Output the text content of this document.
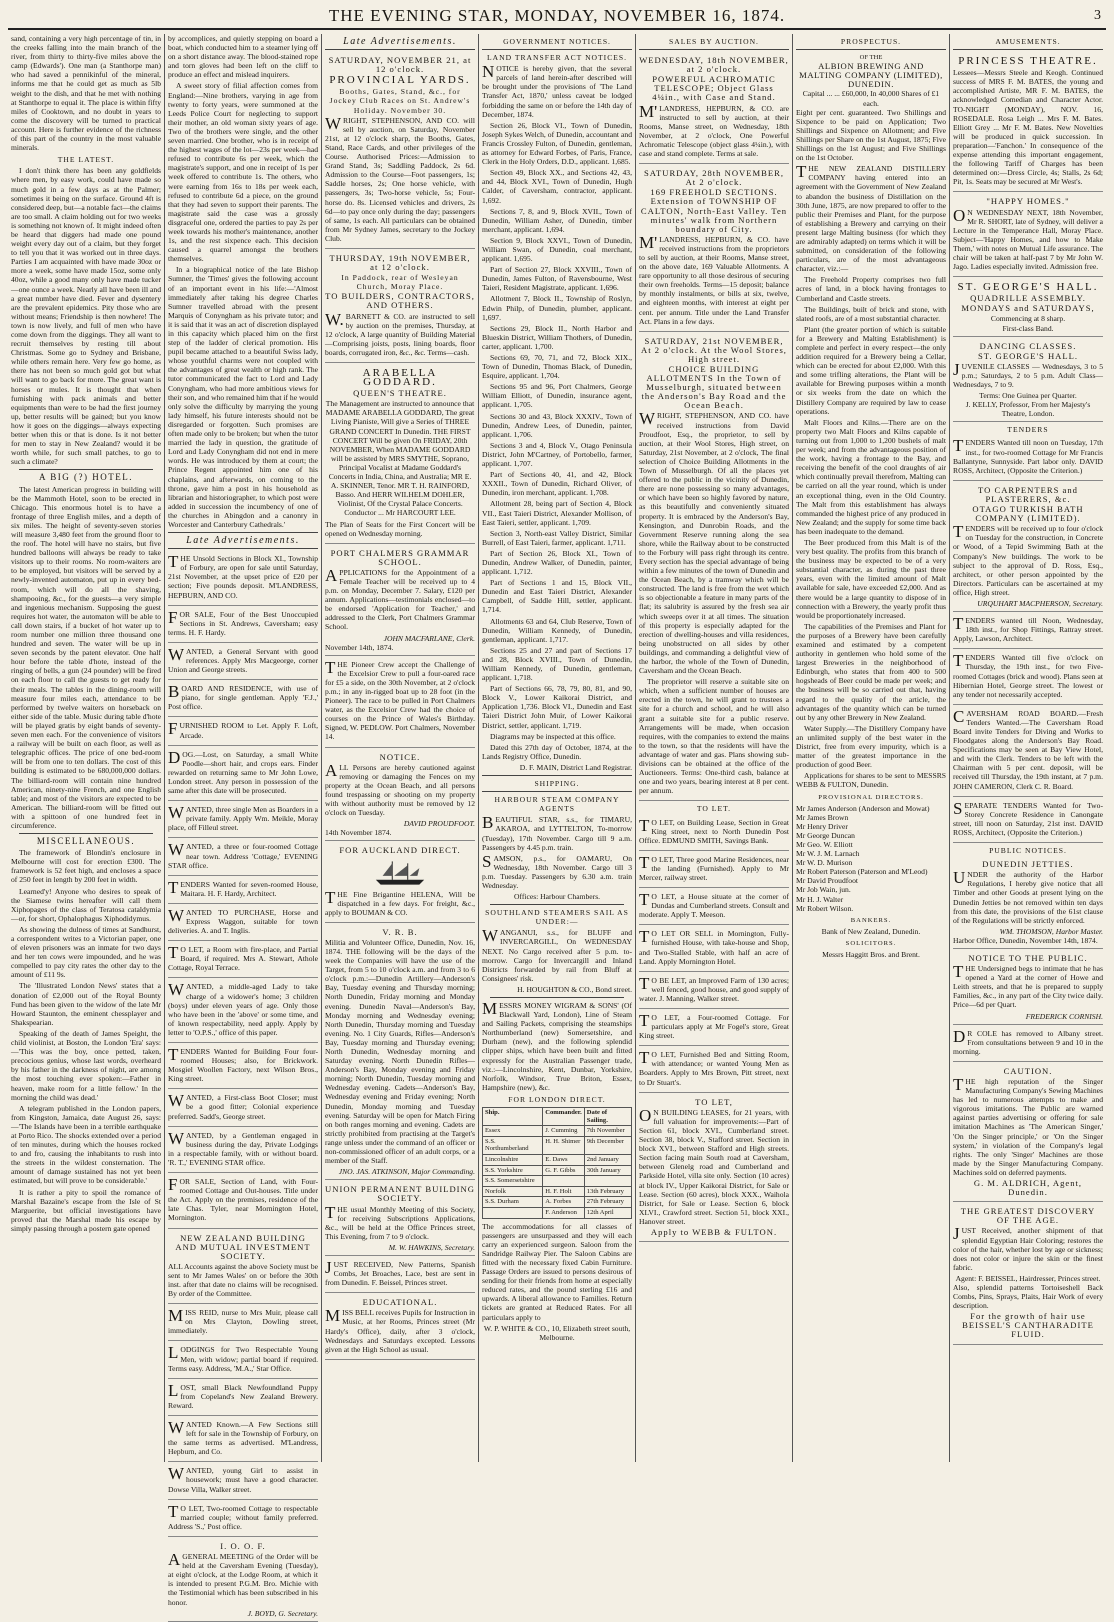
THE EVENING STAR, MONDAY, NOVEMBER 16, 1874.	3

sand, containing a very high percentage of tin, in the creeks falling into the main branch of the river, from thirty to thirty-five miles above the camp (Edwards'). One man (a Stanthorpe man) who had saved a pennikinful of the mineral, informs me that he could get as much as 5lb weight to the dish, and that he met with nothing at Stanthorpe to equal it. The place is within fifty miles of Cooktown, and no doubt in years to come the discovery will be turned to practical account. Here is further evidence of the richness of this part of the country in the most valuable minerals.

THE LATEST.

I don't think there has been any goldfields where men, by easy work, could have made so much gold in a few days as at the Palmer; sometimes it being on the surface. Ground 4ft is considered deep, but—a notable fact—the claims are too small. A claim holding out for two weeks is something not known of. It might indeed often be heard that diggers had made one pound weight every day out of a claim, but they forget to tell you that it was worked out in three days. Parties I am acquainted with have made 30oz or more a week, some have made 15oz, some only 40oz, while a good many only have made tucker—one ounce a week. Nearly all have been ill and a great number have died. Fever and dysentery are the prevalent epidemics. Pity those who are without means; Friendship is then nowhere! The town is now lively, and full of men who have come down from the diggings. They all want to recruit themselves by resting till about Christmas. Some go to Sydney and Brisbane, while others remain here. Very few go home, as there has not been so much gold got but what will want to go back for more. The great want is horses or mules. It is thought that when furnishing with pack animals and better equipments than were to be had the first journey up, better results will be gained; but you know how it goes on the diggings—always expecting better when this or that is done. Is it not better for men to stay in New Zealand? would it be worth while, for such small patches, to go to such a climate?

A BIG (?) HOTEL.

The latest American progress in building will be the Mammoth Hotel, soon to be erected in Chicago. This enormous hotel is to have a frontage of three English miles, and a depth of six miles. The height of seventy-seven stories will measure 3,480 feet from the ground floor to the roof. The hotel will have no stairs, but five hundred balloons will always be ready to take visitors up to their rooms. No room-waiters are to be employed, but visitors will be served by a newly-invented automaton, put up in every bed-room, which will do all the shaving, shampooing, &c., for the guests—a very simple and ingenious mechanism. Supposing the guest requires hot water, the automaton will be able to call down stairs, if a bucket of hot water up to room number one million three thousand one hundred and seven. The water will be up in seven seconds by the patent elevator. One half hour before the table d'hote, instead of the ringing of bells, a gun (24 pounder) will be fired on each floor to call the guests to get ready for their meals. The tables in the dining-room will measure four miles each, attendance to be performed by twelve waiters on horseback on either side of the table. Music during table d'hote will be played gratis by eight bands of seventy-seven men each. For the convenience of visitors a railway will be built on each floor, as well as telegraphic offices. The price of one bed-room will be from one to ten dollars. The cost of this building is estimated to be 680,000,000 dollars. The billiard-room will contain nine hundred American, ninety-nine French, and one English table; and most of the visitors are expected to be American. The billiard-room will be fitted out with a spittoon of one hundred feet in circumference.

MISCELLANEOUS.

The framework of Blondin's enclosure in Melbourne will cost for erection £300. The framework is 52 feet high, and encloses a space of 250 feet in length by 200 feet in width.

Learned'y! Anyone who desires to speak of the Siamese twins hereafter will call them Xiphopages of the class of Teratosa cataldymia—or, for short, Ophalophagus Xiphodidymus.

As showing the dulness of times at Sandhurst, a correspondent writes to a Victorian paper, one of eleven prisoners was an inmate for two days and her ten cows were impounded, and he was compelled to pay city rates the other day to the amount of £11 9s.

The 'Illustrated London News' states that a donation of £2,000 out of the Royal Bounty Fund has been given to the widow of the late Mr Howard Staunton, the eminent chessplayer and Shakspearian.

Speaking of the death of James Speight, the child violinist, at Boston, the London 'Era' says:—'This was the boy, once petted, taken, precocious genius, whose last words, overheard by his father in the darkness of night, are among the most touching ever spoken:—Father in heaven, make room for a little fellow.' In the morning the child was dead.'

A telegram published in the London papers, from Kingston, Jamaica, date August 26, says:—'The Islands have been in a terrible earthquake at Porto Rico. The shocks extended over a period of ten minutes, during which the houses rocked to and fro, causing the inhabitants to rush into the streets in the wildest consternation. The amount of damage sustained has not yet been estimated, but will prove to be considerable.'

It is rather a pity to spoil the romance of Marshal Bazaine's escape from the Isle of St Marguerite, but official investigations have proved that the Marshal made his escape by simply passing through a postern gate opened

by accomplices, and quietly stepping on board a boat, which conducted him to a steamer lying off on a short distance away. The blood-stained rope and torn gloves had been left on the cliff to produce an effect and mislead inquirers.

A sweet story of filial affection comes from England:—Nine brothers, varying in age from twenty to forty years, were summoned at the Leeds Police Court for neglecting to support their mother, an old woman sixty years of age. Two of the brothers were single, and the other seven married. One brother, who is in receipt of the highest wages of the lot—23s per week—had refused to contribute 6s per week, which the magistrate's support, and one in receipt of 1s per week offered to contribute 1s. The others, who were earning from 16s to 18s per week each, refused to contribute 6d a piece, on the ground that they had seven to support their parents. The magistrate said the case was a grossly disgraceful one, ordered the parties to pay 2s per week towards his mother's maintenance, another 1s, and the rest sixpence each. This decision caused a quarrel amongst the brothers themselves.

In a biographical notice of the late Bishop Sumner, the 'Times' gives the following account of an important event in his life:—'Almost immediately after taking his degree Charles Sumner travelled abroad with the present Marquis of Conyngham as his private tutor; and it is said that it was an act of discretion displayed in this capacity which placed him on the first step of the ladder of clerical promotion. His pupil became attached to a beautiful Swiss lady, whose youthful charms were not coupled with the advantages of great wealth or high rank. The tutor communicated the fact to Lord and Lady Conyngham, who had more ambitious views for their son, and who remained him that if he would only solve the difficulty by marrying the young lady himself, his future interests should not be disregarded or forgotten. Such promises are often made only to be broken; but when the tutor married the lady in question, the gratitude of Lord and Lady Conyngham did not end in mere words. He was introduced by them at court; the Prince Regent appointed him one of his chaplains, and afterwards, on coming to the throne, gave him a post in his household as librarian and historiographer, to which post were added in succession the incumbency of one of the churches in Abingdon and a canonry in Worcester and Canterbury Cathedrals.'

Late Advertisements.

THE Unsold Sections in Block XI., Township of Forbury, are open for sale until Saturday, 21st November, at the upset price of £20 per section; Five pounds deposit. M'LANDRESS, HEPBURN, AND CO.

FOR SALE, Four of the Best Unoccupied Sections in St. Andrews, Caversham; easy terms. H. F. Hardy.

WANTED, a General Servant with good references. Apply Mrs Macgeorge, corner Union and George streets.

BOARD AND RESIDENCE, with use of piano, for single gentleman. Apply 'F.J.,' Post office.

FURNISHED ROOM to Let. Apply F. Loft, Arcade.

DOG.—Lost, on Saturday, a small White Poodle—short hair, and crops ears. Finder rewarded on returning same to Mr John Lowe, London street. Any person in possession of the same after this date will be prosecuted.

WANTED, three single Men as Boarders in a private family. Apply Wm. Meikle, Moray place, off Filleul street.

WANTED, a three or four-roomed Cottage near town. Address 'Cottage,' EVENING STAR office.

TENDERS Wanted for seven-roomed House, Maitara. H. F. Hardy, Architect.

WANTED TO PURCHASE, Horse and Express Waggon, suitable for town deliveries. A. and T. Inglis.

TO LET, a Room with fire-place, and Partial Board, if required. Mrs A. Stewart, Athole Cottage, Royal Terrace.

WANTED, a middle-aged Lady to take charge of a widower's home; 3 children (boys) under eleven years of age. Only those who have been in the 'above' or some time, and of known respectability, need apply. Apply by letter to 'O.P.S.,' office of this paper.

TENDERS Wanted for Building Four four-roomed Houses; also, for Brickwork. Mosgiel Woollen Factory, next Wilson Bros., King street.

WANTED, a First-class Boot Closer; must be a good fitter; Colonial experience preferred. Sadd's, George street.

WANTED, by a Gentleman engaged in business during the day, Private Lodgings in a respectable family, with or without board. 'R. T.,' EVENING STAR office.

FOR SALE, Section of Land, with Four-roomed Cottage and Out-houses. Title under the Act. Apply on the premises, residence of the late Chas. Tyler, near Mornington Hotel, Mornington.

NEW ZEALAND BUILDING AND MUTUAL INVESTMENT SOCIETY.

ALL Accounts against the above Society must be sent to Mr James Wales' on or before the 30th inst. after that date no claims will be recognised. By order of the Committee.

MISS REID, nurse to Mrs Muir, please call on Mrs Clayton, Dowling street, immediately.

LODGINGS for Two Respectable Young Men, with widow; partial board if required. Terms easy. Address, 'M.A.,' Star Office.

LOST, small Black Newfoundland Puppy from Copeland's New Zealand Brewery. Reward.

WANTED Known.—A Few Sections still left for sale in the Township of Forbury, on the same terms as advertised. M'Landress, Hepburn, and Co.

WANTED, young Girl to assist in housework; must have a good character. Dowse Villa, Walker street.

TO LET, Two-roomed Cottage to respectable married couple; without family preferred. Address 'S.,' Post office.

I. O. O. F.

AGENERAL MEETING of the Order will be held at the Caversham Evening (Tuesday), at eight o'clock, at the Lodge Room, at which it is intended to present P.G.M. Bro. Michie with the Testimonial which has been subscribed in his honor.

J. BOYD, G. Secretary.
Late Advertisements.
SATURDAY, NOVEMBER 21, at 12 o'clock.
PROVINCIAL YARDS.
Booths, Gates, Stand, &c., for Jockey Club Races on St. Andrew's Holiday. November 30.

WRIGHT, STEPHENSON, AND CO. will sell by auction, on Saturday, November 21st, at 12 o'clock sharp, the Booths, Gates, Stand, Race Cards, and other privileges of the Course. Authorised Prices:—Admission to Grand Stand, 3s; Saddling Paddock, 2s 6d. Admission to the Course—Foot passengers, 1s; Saddle horses, 2s; One horse vehicle, with passengers, 3s; Two-horse vehicle, 5s; Four-horse do. 8s. Licensed vehicles and drivers, 2s 6d—to pay once only during the day; passengers of same, 1s each. All particulars can be obtained from Mr Sydney James, secretary to the Jockey Club.

THURSDAY, 19th NOVEMBER, at 12 o'clock.
In Paddock, rear of Wesleyan Church, Moray Place.
TO BUILDERS, CONTRACTORS, AND OTHERS.

W.BARNETT & CO. are instructed to sell by auction on the premises, Thursday, at 12 o'clock, A large quantity of Building Material—Comprising joists, posts, lining boards, floor boards, corrugated iron, &c., &c. Terms—cash.

ARABELLA GODDARD.
QUEEN'S THEATRE.

The Management are instructed to announce that MADAME ARABELLA GODDARD, The great Living Pianiste, Will give a Series of THREE GRAND CONCERT In Dunedin. THE FIRST CONCERT Will be given On FRIDAY, 20th NOVEMBER, When MADAME GODDARD will be assisted by MRS SMYTHE, Soprano, Principal Vocalist at Madame Goddard's Concerts in India, China, and Australia; MR E. A. SKINNER, Tenor. MR T. H. RAINFORD, Basso. And HERR WILHELM DOHLER, Violinist, Of the Crystal Palace Concerts. Conductor ... Mr HARCOURT LEE.

The Plan of Seats for the First Concert will be opened on Wednesday morning.

PORT CHALMERS GRAMMAR SCHOOL.

APPLICATIONS for the Appointment of a Female Teacher will be received up to 4 p.m. on Monday, December 7. Salary, £120 per annum. Applications—testimonials enclosed—to be endorsed 'Application for Teacher,' and addressed to the Clerk, Port Chalmers Grammar School.

JOHN MACFARLANE, Clerk.
November 14th, 1874.

THE Pioneer Crew accept the Challenge of the Excelsior Crew to pull a four-oared race for £5 a side, on the 30th November, at 2 o'clock p.m.; in any in-rigged boat up to 28 foot (in the Pioneer). The race to be pulled in Port Chalmers water, as the Excelsior Crew had the choice of courses on the Prince of Wales's Birthday. Signed, W. PEDLOW. Port Chalmers, November 14.

NOTICE.

ALL Persons are hereby cautioned against removing or damaging the Fences on my property at the Ocean Beach, and all persons found trespassing or shooting on my property with without authority must be removed by 12 o'clock on Tuesday.

DAVID PROUDFOOT.
14th November 1874.
FOR AUCKLAND DIRECT.

THE Fine Brigantine HELENA, Will be dispatched in a few days. For freight, &c., apply to BOUMAN & CO.

V. R. B.

Militia and Volunteer Office, Dunedin, Nov. 16, 1874. THE following will be the days of the week the Companies will have the use of the Target, from 5 to 10 o'clock a.m. and from 3 to 6 o'clock p.m.:—Dunedin Artillery—Anderson's Bay, Tuesday evening and Thursday morning; North Dunedin, Friday morning and Monday evening. Dunedin Naval—Anderson's Bay, Monday morning and Wednesday evening; North Dunedin, Thursday morning and Tuesday evening. No. 1 City Guards, Rifles—Anderson's Bay, Tuesday morning and Thursday evening; North Dunedin, Wednesday morning and Saturday evening. North Dunedin Rifles—Anderson's Bay, Monday evening and Friday morning; North Dunedin, Tuesday morning and Wednesday evening. Cadets—Anderson's Bay, Wednesday evening and Friday evening; North Dunedin, Monday morning and Tuesday evening. Saturday will be open for Match Firing on both ranges morning and evening. Cadets are strictly prohibited from practising at the Target's range unless under the command of an officer or non-commissioned officer of an adult corps, or a member of the Staff.

JNO. JAS. ATKINSON, Major Commanding.
UNION PERMANENT BUILDING SOCIETY.

THE usual Monthly Meeting of this Society, for receiving Subscriptions Applications, &c., will be held at the Office Princes street, This Evening, from 7 to 9 o'clock.

M. W. HAWKINS, Secretary.

JUST RECEIVED, New Patterns, Spanish Combs, Jet Broaches, Lace, best are sent in from Dunedin. F. Beissel, Princes street.

EDUCATIONAL.

MISS BELL receives Pupils for Instruction in Music, at her Rooms, Princes street (Mr Hardy's Office), daily, after 3 o'clock, Wednesdays and Saturdays excepted. Lessons given at the High School as usual.

GOVERNMENT NOTICES.
LAND TRANSFER ACT NOTICES.

NOTICE is hereby given, that the several parcels of land herein-after described will be brought under the provisions of 'The Land Transfer Act, 1870,' unless caveat be lodged forbidding the same on or before the 14th day of December, 1874.

Section 26, Block VI., Town of Dunedin, Joseph Sykes Welch, of Dunedin, accountant and Francis Crossley Fulton, of Dunedin, gentleman, as attorney for Edward Forbes, of Paris, France, Clerk in the Holy Orders, D.D., applicant. 1,685.

Section 49, Block XX., and Sections 42, 43, and 44, Block XVI., Town of Dunedin, Hugh Calder, of Caversham, contractor, applicant. 1,692.

Sections 7, 8, and 9, Block XVII., Town of Dunedin, William Asher, of Dunedin, timber merchant, applicant. 1,694.

Section 9, Block XXVI., Town of Dunedin, William Swan, of Dunedin, coal merchant, applicant. 1,695.

Part of Section 27, Block XXVIII., Town of Dunedin, James Fulton, of Ravensbourne, West Taieri, Resident Magistrate, applicant. 1,696.

Allotment 7, Block II., Township of Roslyn, Edwin Philp, of Dunedin, plumber, applicant. 1,697.

Sections 29, Block II., North Harbor and Blueskin District, William Thothers, of Dunedin, carter, applicant. 1,700.

Sections 69, 70, 71, and 72, Block XIX., Town of Dunedin, Thomas Black, of Dunedin, Esquire, applicant. 1,704.

Sections 95 and 96, Port Chalmers, George William Elliott, of Dunedin, insurance agent, applicant. 1,705.

Sections 30 and 43, Block XXXIV., Town of Dunedin, Andrew Lees, of Dunedin, painter, applicant. 1,706.

Sections 3 and 4, Block V., Otago Peninsula District, John M'Cartney, of Portobello, farmer, applicant. 1,707.

Part of Sections 40, 41, and 42, Block XXXII., Town of Dunedin, Richard Oliver, of Dunedin, iron merchant, applicant. 1,708.

Allotment 28, being part of Section 4, Block VII., East Taieri District, Alexander Mollison, of East Taieri, settler, applicant. 1,709.

Section 3, North-east Valley District, Similar Burrell, of East Taieri, farmer, applicant. 1,711.

Part of Section 26, Block XI., Town of Dunedin, Andrew Walker, of Dunedin, painter, applicant. 1,712.

Part of Sections 1 and 15, Block VII., Dunedin and East Taieri District, Alexander Campbell, of Saddle Hill, settler, applicant. 1,714.

Allotments 63 and 64, Club Reserve, Town of Dunedin, William Kennedy, of Dunedin, gentleman, applicant. 1,717.

Sections 25 and 27 and part of Sections 17 and 28, Block XVIII., Town of Dunedin, William Kennedy, of Dunedin, gentleman, applicant. 1,718.

Part of Sections 66, 78, 79, 80, 81, and 90, Block V., Lower Kaikorai District, and Application 1,736. Block VI., Dunedin and East Taieri District John Muir, of Lower Kaikorai District, settler, applicant. 1,719.

Diagrams may be inspected at this office.

Dated this 27th day of October, 1874, at the Lands Registry Office, Dunedin.

D. F. MAIN, District Land Registrar.
SHIPPING.
HARBOUR STEAM COMPANY AGENTS

BEAUTIFUL STAR, s.s., for TIMARU, AKAROA, and LYTTELTON, To-morrow (Tuesday), 17th November. Cargo till 9 a.m. Passengers by 4.45 p.m. train.

SAMSON, p.s., for OAMARU, On Wednesday, 18th November. Cargo till 3 p.m. Tuesday. Passengers by 6.30 a.m. train Wednesday.

Offices: Harbour Chambers.
SOUTHLAND STEAMERS SAIL AS UNDER:—

WANGANUI, s.s., for BLUFF and INVERCARGILL, On WEDNESDAY NEXT. No Cargo received after 5 p.m. to-morrow. Cargo for Invercargill and Inland Districts forwarded by rail from Bluff at Consignees' risk.

H. HOUGHTON & CO., Bond street.

MESSRS MONEY WIGRAM & SONS' (Of Blackwall Yard, London), Line of Steam and Sailing Packets, comprising the steamships Northumberland (new) Somersetshire, and Durham (new), and the following splendid clipper ships, which have been built and fitted expressly for the Australian Passenger trade, viz.:—Lincolnshire, Kent, Dunbar, Yorkshire, Norfolk, Windsor, True Briton, Essex, Hampshire (new), &c.

FOR LONDON DIRECT.
Ship.	Commander.	Date of Sailing.
Essex	J. Cumming	7th November
S.S. Northumberland	H. H. Shimer	9th December
Lincolnshire	E. Daws	2nd January
S.S. Yorkshire	G. F. Gibbs	30th January
S.S. Somersetshire		
Norfolk	H. F. Holt	13th February
S.S. Durham	A. Forbes	27th February
	F. Anderson	12th April

The accommodations for all classes of passengers are unsurpassed and they will each carry an experienced surgeon. Saloon from the Sandridge Railway Pier. The Saloon Cabins are fitted with the necessary fixed Cabin Furniture. Passage Orders are issued to persons desirous of sending for their friends from home at especially reduced rates, and the pound sterling £16 and upwards. A liberal allowance to Families. Return tickets are granted at Reduced Rates. For all particulars apply to

W. P. WHITE & CO., 10, Elizabeth street south, Melbourne.
SALES BY AUCTION.
WEDNESDAY, 18th NOVEMBER, at 2 o'clock.
POWERFUL ACHROMATIC TELESCOPE; Object Glass 4¼in., with Case and Stand.

M'LANDRESS, HEPBURN, & CO. are instructed to sell by auction, at their Rooms, Manse street, on Wednesday, 18th November, at 2 o'clock, One Powerful Achromatic Telescope (object glass 4¼in.), with case and stand complete. Terms at sale.

SATURDAY, 28th NOVEMBER, At 2 o'clock.
169 FREEHOLD SECTIONS. Extension of TOWNSHIP OF CALTON, North-East Valley. Ten minutes' walk from Northern boundary of City.

M'LANDRESS, HEPBURN, & CO. have received instructions from the proprietors to sell by auction, at their Rooms, Manse street, on the above date, 169 Valuable Allotments. A rare opportunity to all those desirous of securing their own freeholds. Terms—15 deposit; balance by monthly instalments, or bills at six, twelve, and eighteen months, with interest at eight per cent. per annum. Title under the Land Transfer Act. Plans in a few days.

SATURDAY, 21st NOVEMBER, At 2 o'clock. At the Wool Stores, High street.
CHOICE BUILDING ALLOTMENTS In the Town of Musselburgh, situated between the Anderson's Bay Road and the Ocean Beach.

WRIGHT, STEPHENSON, AND CO. have received instructions from David Proudfoot, Esq., the proprietor, to sell by auction, at their Wool Stores, High street, on Saturday, 21st November, at 2 o'clock, The final selection of Choice Building Allotments in the Town of Musselburgh. Of all the places yet offered to the public in the vicinity of Dunedin, there are none possessing so many advantages, or which have been so highly favored by nature, as this beautifully and conveniently situated property. It is embraced by the Anderson's Bay, Kensington, and Dunrobin Roads, and the Government Reserve running along the sea shore, while the Railway about to be constructed to the Forbury will pass right through its centre. Every section has the special advantage of being within a few minutes of the town of Dunedin and the Ocean Beach, by a tramway which will be constructed. The land is free from the wet which is so objectionable a feature in many parts of the flat; its salubrity is assured by the fresh sea air which sweeps over it at all times. The situation of this property is especially adapted for the erection of dwelling-houses and villa residences, being unobstructed on all sides by other buildings, and commanding a delightful view of the harbor, the whole of the Town of Dunedin, Caversham and the Ocean Beach.

The proprietor will reserve a suitable site on which, when a sufficient number of houses are erected in the town, he will grant to trustees a site for a church and school, and he will also grant a suitable site for a public reserve. Arrangements will be made, when occasion requires, with the companies to extend the mains to the town, so that the residents will have the advantage of water and gas. Plans showing sub-divisions can be obtained at the office of the Auctioneers. Terms: One-third cash, balance at one and two years, bearing interest at 8 per cent. per annum.

TO LET.

TO LET, on Building Lease, Section in Great King street, next to North Dunedin Post Office. EDMUND SMITH, Savings Bank.

TO LET, Three good Marine Residences, near the landing (Furnished). Apply to Mr Mercer, railway street.

TO LET, a House situate at the corner of Dundas and Cumberland streets. Consult and moderate. Apply T. Meeson.

TO LET OR SELL in Mornington, Fully-furnished House, with take-house and Shop, and Two-Stalled Stable, with half an acre of Land. Apply Mornington Hotel.

TO BE LET, an Improved Farm of 130 acres; well fenced, good house, and good supply of water. J. Manning, Walker street.

TO LET, a Four-roomed Cottage. For particulars apply at Mr Fogel's store, Great King street.

TO LET, Furnished Bed and Sitting Room, with attendance; or wanted Young Men as Boarders. Apply to Mrs Brown, Pitt street, next to Dr Stuart's.

TO LET,

ON BUILDING LEASES, for 21 years, with full valuation for improvements:—Part of Section 61, block XVI., Cumberland street. Section 38, block V., Stafford street. Section in block XVI., between Stafford and High streets. Section facing main South road at Caversham, between Glenelg road and Cumberland and Parkside Hotel, villa site only. Section (10 acres) at block IV., Upper Kaikorai District, for Sale or Lease. Section (60 acres), block XXX., Waihola District, for Sale or Lease. Section 6, block XLVI., Crawford street. Section 51, block XXI., Hanover street.

Apply to WEBB & FULTON.
PROSPECTUS.
OF THE
ALBION BREWING AND MALTING COMPANY (LIMITED), DUNEDIN.
Capital ... ... £60,000, In 40,000 Shares of £1 each.

Eight per cent. guaranteed. Two Shillings and Sixpence to be paid on Application; Two Shillings and Sixpence on Allotment; and Five Shillings per Share on the 1st August, 1875; Five Shillings on the 1st August; and Five Shillings on the 1st October.

THE NEW ZEALAND DISTILLERY COMPANY having entered into an agreement with the Government of New Zealand to abandon the business of Distillation on the 30th June, 1875, are now prepared to offer to the public their Premises and Plant, for the purpose of establishing a Brewery and carrying on their present large Malting business (for which they are admirably adapted) on terms which it will be submitted, on consideration of the following particulars, are of the most advantageous character, viz.:—

The Freehold Property comprises two full acres of land, in a block having frontages to Cumberland and Castle streets.

The Buildings, built of brick and stone, with slated roofs, are of a most substantial character.

Plant (the greater portion of which is suitable for a Brewery and Malting Establishment) is complete and perfect in every respect—the only addition required for a Brewery being a Cellar, which can be erected for about £2,000. With this and some trifling alterations, the Plant will be available for Brewing purposes within a month or six weeks from the date on which the Distillery Company are required by law to cease operations.

Malt Floors and Kilns.—There are on the property two Malt Floors and Kilns capable of turning out from 1,000 to 1,200 bushels of malt per week; and from the advantageous position of the work, having a frontage to the Bay, and receiving the benefit of the cool draughts of air which continually prevail therefrom, Malting can be carried on all the year round, which is under an exceptional thing, even in the Old Country. The Malt from this establishment has always commanded the highest price of any produced in New Zealand; and the supply for some time back has been inadequate to the demand.

The Beer produced from this Malt is of the very best quality. The profits from this branch of the business may be expected to be of a very substantial character, as during the past three years, even with the limited amount of Malt available for sale, have exceeded £2,000. And as there would be a large quantity to dispose of in connection with a Brewery, the yearly profit thus would be proportionately increased.

The capabilities of the Premises and Plant for the purposes of a Brewery have been carefully examined and estimated by a competent authority in gentlemen who hold some of the largest Breweries in the neighborhood of Edinburgh, who states that from 400 to 500 hogsheads of Beer could be made per week; and the business will be so carried out that, having regard to the quality of the article, the advantages of the quantity which can be turned out by any other Brewery in New Zealand.

Water Supply.—The Distillery Company have an unlimited supply of the best water in the District, free from every impurity, which is a matter of the greatest importance in the production of good Beer.

Applications for shares to be sent to MESSRS WEBB & FULTON, Dunedin.

PROVISIONAL DIRECTORS.
Mr James Anderson (Anderson and Mowat)
Mr James Brown
Mr Henry Driver
Mr George Duncan
Mr Geo. W. Elliott
Mr W. J. M. Larnach
Mr W. D. Murison
Mr Robert Paterson (Paterson and M'Leod)
Mr David Proudfoot
Mr Job Wain, jun.
Mr H. J. Walter
Mr Robert Wilson.
BANKERS.
Bank of New Zealand, Dunedin.
SOLICITORS.
Messrs Haggitt Bros. and Brent.
AMUSEMENTS.
PRINCESS THEATRE.

Lessees—Messrs Steele and Keogh. Continued success of MRS F. M. BATES, the young and accomplished Artiste, MR F. M. BATES, the acknowledged Comedian and Character Actor. TO-NIGHT (MONDAY), NOV. 16, ROSEDALE. Rosa Leigh ... Mrs F. M. Bates. Elliott Grey ... Mr F. M. Bates. New Novelties will be produced in quick succession. In preparation—'Fanchon.' In consequence of the expense attending this important engagement, the following Tariff of Charges has been determined on:—Dress Circle, 4s; Stalls, 2s 6d; Pit, 1s. Seats may be secured at Mr West's.

"HAPPY HOMES."

ON WEDNESDAY NEXT, 18th November, Mr R. SHORT, late of Sydney, will deliver a Lecture in the Temperance Hall, Moray Place. Subject—'Happy Homes, and how to Make Them,' with notes on Mutual Life assurance. The chair will be taken at half-past 7 by Mr John W. Jago. Ladies especially invited. Admission free.

ST. GEORGE'S HALL.
QUADRILLE ASSEMBLY.
MONDAYS and SATURDAYS,
Commencing at 8 sharp.
First-class Band.
DANCING CLASSES.
ST. GEORGE'S HALL.

JUVENILE CLASSES — Wednesdays, 3 to 5 p.m.; Saturdays, 2 to 5 p.m. Adult Class—Wednesdays, 7 to 9.

Terms: One Guinea per Quarter.
J. KELLY, Professor, From her Majesty's Theatre, London.
TENDERS

TENDERS Wanted till noon on Tuesday, 17th inst., for two-roomed Cottage for Mr Francis Ballantyne, Sunnyside. Part labor only. DAVID ROSS, Architect, (Opposite the Criterion.)

TO CARPENTERS and PLASTERERS, &c.
OTAGO TURKISH BATH COMPANY (LIMITED).

TENDERS will be received up to four o'clock on Tuesday for the construction, in Concrete or Wood, of a Tepid Swimming Bath at the Company's New buildings. The work to be subject to the approval of D. Ross, Esq., architect, or other person appointed by the Directors. Particulars can be ascertained at my office, High street.

URQUHART MACPHERSON, Secretary.

TENDERS wanted till Noon, Wednesday, 18th inst., for Shop Fittings, Rattray street. Apply, Lawson, Architect.

TENDERS Wanted till five o'clock on Thursday, the 19th inst., for two Five-roomed Cottages (brick and wood). Plans seen at Hibernian Hotel, George street. The lowest or any tender not necessarily accepted.

CAVERSHAM ROAD BOARD.—Fresh Tenders Wanted.—The Caversham Road Board invite Tenders for Diving and Works to Floodgates along the Anderson's Bay Road. Specifications may be seen at Bay View Hotel, and with the Clerk. Tenders to be left with the Chairman with 5 per cent. deposit, will be received till Thursday, the 19th instant, at 7 p.m. JOHN CAMERON, Clerk C. R. Board.

SEPARATE TENDERS Wanted for Two-Storey Concrete Residence in Canongate street, till noon on Saturday, 21st inst. DAVID ROSS, Architect, (Opposite the Criterion.)

PUBLIC NOTICES.
DUNEDIN JETTIES.

UNDER the authority of the Harbor Regulations, I hereby give notice that all Timber and other Goods at present lying on the Dunedin Jetties be not removed within ten days from this date, the provisions of the 61st clause of the Regulations will be strictly enforced.

WM. THOMSON, Harbor Master.
Harbor Office, Dunedin, November 14th, 1874.
NOTICE TO THE PUBLIC.

THE Undersigned begs to intimate that he has opened a Yard at the corner of Howe and Leith streets, and that he is prepared to supply Families, &c., in any part of the City twice daily. Price—6d per Quart.

FREDERICK CORNISH.

DR COLE has removed to Albany street. From consultations between 9 and 10 in the morning.

CAUTION.

THE high reputation of the Singer Manufacturing Company's Sewing Machines has led to numerous attempts to make and vigorous imitations. The Public are warned against parties advertising or offering for sale imitation Machines as 'The American Singer,' 'On the Singer principle,' or 'On the Singer system,' in violation of the Company's legal rights. The only 'Singer' Machines are those made by the Singer Manufacturing Company. Machines sold on deferred payments.

G. M. ALDRICH, Agent, Dunedin.
THE GREATEST DISCOVERY OF THE AGE.

JUST Received, another shipment of that splendid Egyptian Hair Coloring; restores the color of the hair, whether lost by age or sickness; does not color or injure the skin or the finest fabric.

Agent: F. BEISSEL, Hairdresser, Princes street.

Also, splendid patterns Tortoiseshell Back Combs, Pins, Sprays, Plaits, Hair Work of every description.

For the growth of hair use BEISSEL'S CANTHARADITE FLUID.
